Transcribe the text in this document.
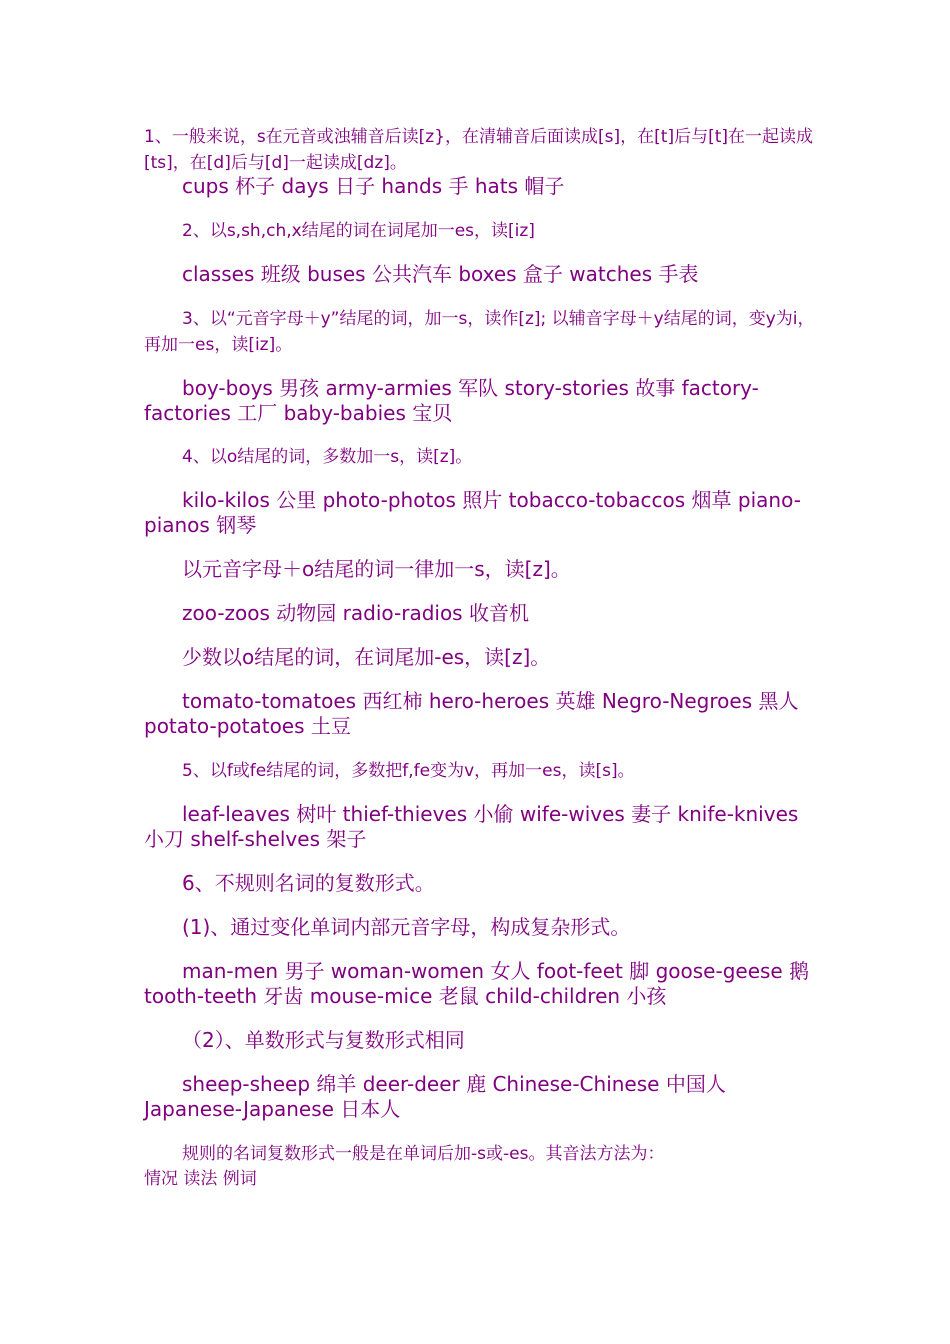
1、一般来说，s在元音或浊辅音后读[z}，在清辅音后面读成[s]，在[t]后与[t]在一起读成[ts]，在[d]后与[d]一起读成[dz]。

cups 杯子 days 日子 hands 手 hats 帽子

2、以s,sh,ch,x结尾的词在词尾加一es，读[iz]

classes 班级 buses 公共汽车 boxes 盒子 watches 手表

3、以“元音字母＋y”结尾的词，加一s，读作[z]; 以辅音字母＋y结尾的词，变y为i，再加一es，读[iz]。

boy-boys 男孩 army-armies 军队 story-stories 故事 factory-factories 工厂 baby-babies 宝贝

4、以o结尾的词，多数加一s，读[z]。

kilo-kilos 公里 photo-photos 照片 tobacco-tobaccos 烟草 piano-pianos 钢琴

以元音字母＋o结尾的词一律加一s，读[z]。

zoo-zoos 动物园 radio-radios 收音机

少数以o结尾的词，在词尾加-es，读[z]。

tomato-tomatoes 西红柿 hero-heroes 英雄 Negro-Negroes 黑人 potato-potatoes 土豆

5、以f或fe结尾的词，多数把f,fe变为v，再加一es，读[s]。

leaf-leaves 树叶 thief-thieves 小偷 wife-wives 妻子 knife-knives 小刀 shelf-shelves 架子

6、不规则名词的复数形式。

(1)、通过变化单词内部元音字母，构成复杂形式。

man-men 男子 woman-women 女人 foot-feet 脚 goose-geese 鹅 tooth-teeth 牙齿 mouse-mice 老鼠 child-children 小孩

（2）、单数形式与复数形式相同

sheep-sheep 绵羊 deer-deer 鹿 Chinese-Chinese 中国人 Japanese-Japanese 日本人

规则的名词复数形式一般是在单词后加-s或-es。其音法方法为：

情况 读法 例词
